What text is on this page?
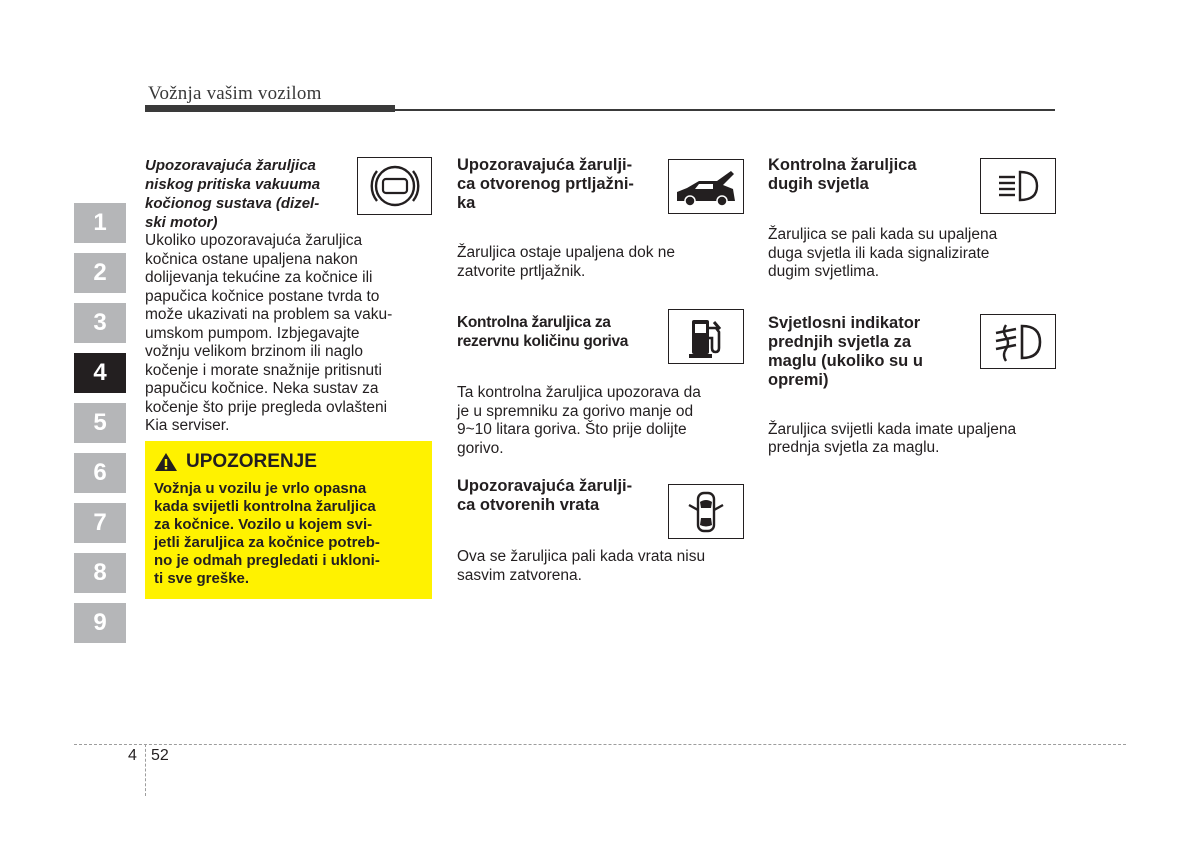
Vožnja vašim vozilom
1
2
3
4
5
6
7
8
9
Upozoravajuća žaruljica
niskog pritiska vakuuma
kočionog sustava (dizel-
ski motor)
Ukoliko upozoravajuća žaruljica
kočnica ostane upaljena nakon
dolijevanja tekućine za kočnice ili
papučica kočnice postane tvrda to
može ukazivati na problem sa vaku-
umskom pumpom. Izbjegavajte
vožnju velikom brzinom ili naglo
kočenje i morate snažnije pritisnuti
papučicu kočnice. Neka sustav za
kočenje što prije pregleda ovlašteni
Kia serviser.
UPOZORENJE
Vožnja u vozilu je vrlo opasna
kada svijetli kontrolna žaruljica
za kočnice. Vozilo u kojem svi-
jetli žaruljica za kočnice potreb-
no je odmah pregledati i ukloni-
ti sve greške.
Upozoravajuća žarulji-
ca otvorenog prtljažni-
ka
Žaruljica ostaje upaljena dok ne
zatvorite prtljažnik.
Kontrolna žaruljica za
rezervnu količinu goriva
Ta kontrolna žaruljica upozorava da
je u spremniku za gorivo manje od
9~10 litara goriva. Što prije dolijte
gorivo.
Upozoravajuća žarulji-
ca otvorenih vrata
Ova se žaruljica pali kada vrata nisu
sasvim zatvorena.
Kontrolna žaruljica
dugih svjetla
Žaruljica se pali kada su upaljena
duga svjetla ili kada signalizirate
dugim svjetlima.
Svjetlosni indikator
prednjih svjetla za
maglu (ukoliko su u
opremi)
Žaruljica svijetli kada imate upaljena
prednja svjetla za maglu.
4 52
